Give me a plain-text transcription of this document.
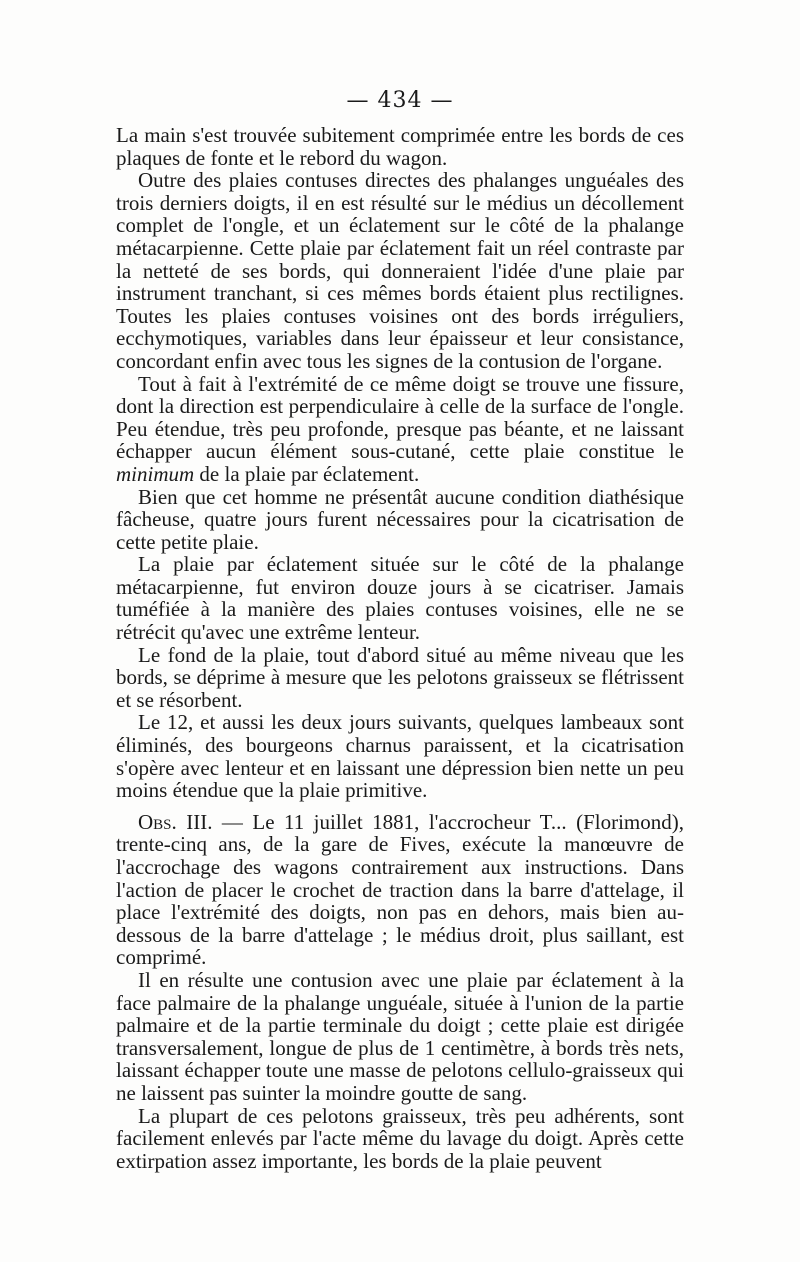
— 434 —

La main s'est trouvée subitement comprimée entre les bords de ces plaques de fonte et le rebord du wagon.

Outre des plaies contuses directes des phalanges unguéales des trois derniers doigts, il en est résulté sur le médius un décollement complet de l'ongle, et un éclatement sur le côté de la phalange métacarpienne. Cette plaie par éclatement fait un réel contraste par la netteté de ses bords, qui donneraient l'idée d'une plaie par instrument tranchant, si ces mêmes bords étaient plus rectilignes. Toutes les plaies contuses voisines ont des bords irréguliers, ecchymotiques, variables dans leur épaisseur et leur consistance, concordant enfin avec tous les signes de la contusion de l'organe.

Tout à fait à l'extrémité de ce même doigt se trouve une fissure, dont la direction est perpendiculaire à celle de la surface de l'ongle. Peu étendue, très peu profonde, presque pas béante, et ne laissant échapper aucun élément sous-cutané, cette plaie constitue le minimum de la plaie par éclatement.

Bien que cet homme ne présentât aucune condition diathésique fâcheuse, quatre jours furent nécessaires pour la cicatrisation de cette petite plaie.

La plaie par éclatement située sur le côté de la phalange métacarpienne, fut environ douze jours à se cicatriser. Jamais tuméfiée à la manière des plaies contuses voisines, elle ne se rétrécit qu'avec une extrême lenteur.

Le fond de la plaie, tout d'abord situé au même niveau que les bords, se déprime à mesure que les pelotons graisseux se flétrissent et se résorbent.

Le 12, et aussi les deux jours suivants, quelques lambeaux sont éliminés, des bourgeons charnus paraissent, et la cicatrisation s'opère avec lenteur et en laissant une dépression bien nette un peu moins étendue que la plaie primitive.

Obs. III. — Le 11 juillet 1881, l'accrocheur T... (Florimond), trente-cinq ans, de la gare de Fives, exécute la manœuvre de l'accrochage des wagons contrairement aux instructions. Dans l'action de placer le crochet de traction dans la barre d'attelage, il place l'extrémité des doigts, non pas en dehors, mais bien au-dessous de la barre d'attelage ; le médius droit, plus saillant, est comprimé.

Il en résulte une contusion avec une plaie par éclatement à la face palmaire de la phalange unguéale, située à l'union de la partie palmaire et de la partie terminale du doigt ; cette plaie est dirigée transversalement, longue de plus de 1 centimètre, à bords très nets, laissant échapper toute une masse de pelotons cellulo-graisseux qui ne laissent pas suinter la moindre goutte de sang.

La plupart de ces pelotons graisseux, très peu adhérents, sont facilement enlevés par l'acte même du lavage du doigt. Après cette extirpation assez importante, les bords de la plaie peuvent
